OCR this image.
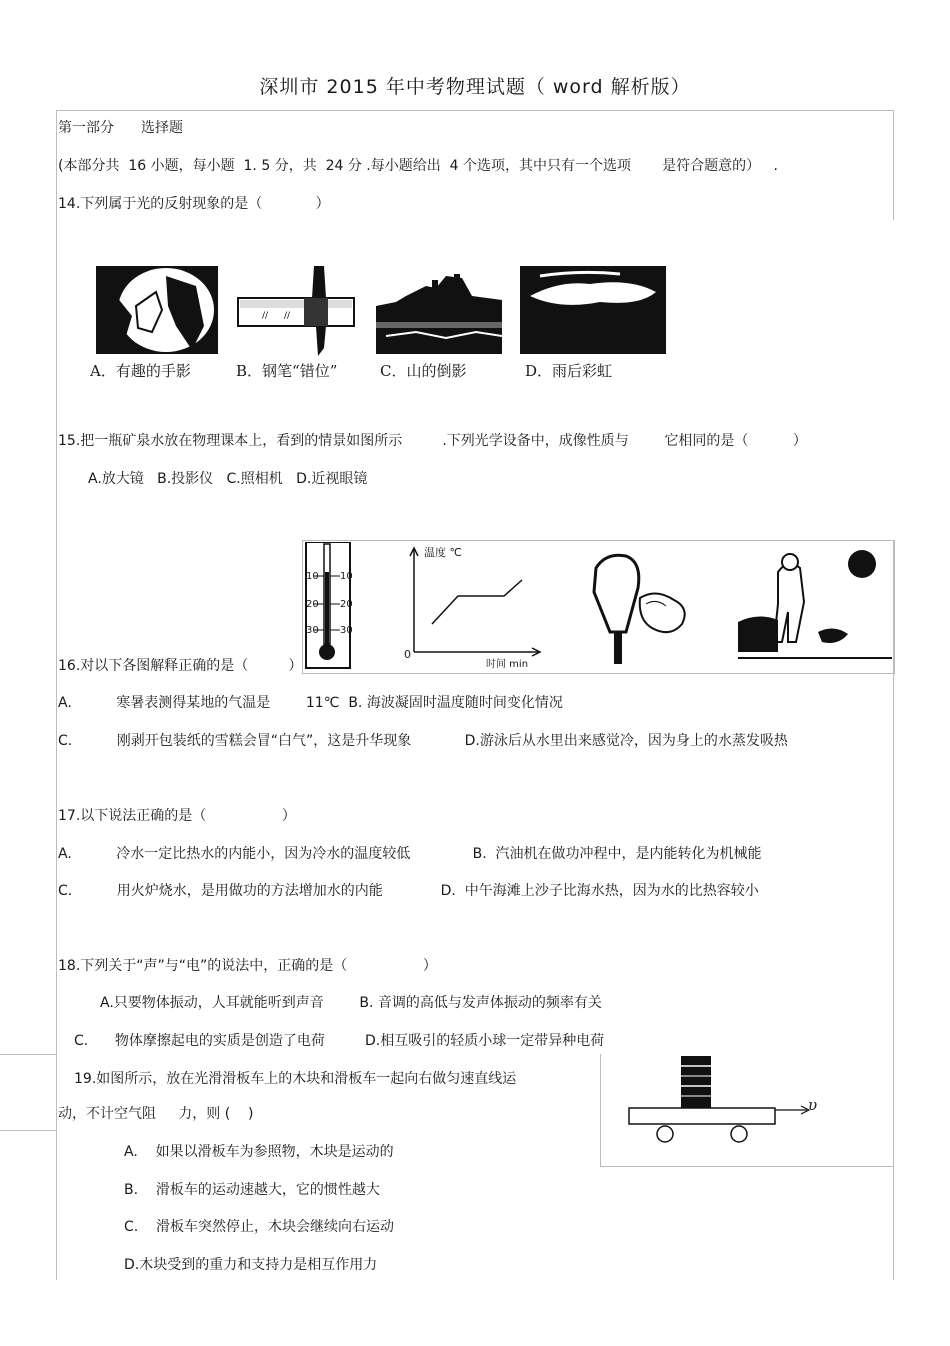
深圳市 2015 年中考物理试题（ word 解析版）
第一部分 选择题
(本部分共  16 小题，每小题  1. 5 分，共  24 分 .每小题给出  4 个选项，其中只有一个选项       是符合题意的）   .
14.下列属于光的反射现象的是（            ）
// //
A．有趣的手影	B．钢笔“错位”	C．山的倒影	D．雨后彩虹
15.把一瓶矿泉水放在物理课本上，看到的情景如图所示         .下列光学设备中，成像性质与        它相同的是（          ）
A.放大镜   B.投影仪   C.照相机   D.近视眼镜
10
20
30
10
20
30
温度 ℃
时间 min
0
16.对以下各图解释正确的是（         ）
A.          寒暑表测得某地的气温是        11℃  B. 海波凝固时温度随时间变化情况
C.          刚剥开包装纸的雪糕会冒“白气”，这是升华现象            D.游泳后从水里出来感觉冷，因为身上的水蒸发吸热
17.以下说法正确的是（                 ）
A.          冷水一定比热水的内能小，因为冷水的温度较低              B.  汽油机在做功冲程中，是内能转化为机械能
C.          用火炉烧水，是用做功的方法增加水的内能             D.  中午海滩上沙子比海水热，因为水的比热容较小
18.下列关于“声”与“电”的说法中，正确的是（                 ）
A.只要物体振动，人耳就能听到声音        B. 音调的高低与发声体振动的频率有关
C.      物体摩擦起电的实质是创造了电荷         D.相互吸引的轻质小球一定带异种电荷
19.如图所示，放在光滑滑板车上的木块和滑板车一起向右做匀速直线运
动，不计空气阻     力，则 (    )	υ
A.    如果以滑板车为参照物，木块是运动的
B.    滑板车的运动速越大，它的惯性越大
C.    滑板车突然停止，木块会继续向右运动
D.木块受到的重力和支持力是相互作用力
